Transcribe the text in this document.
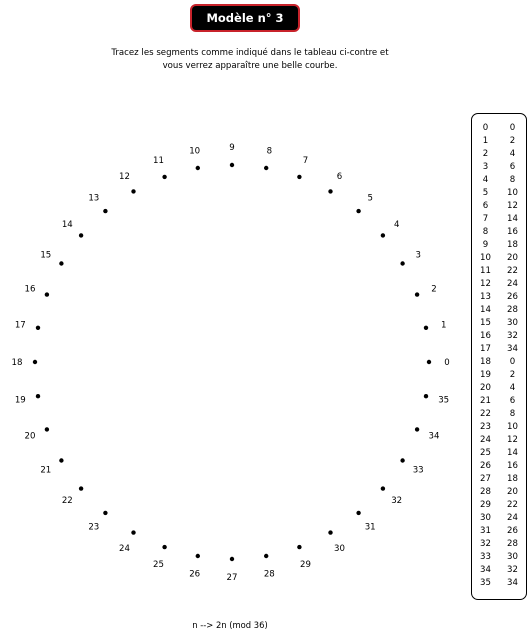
Modèle n° 3
Tracez les segments comme indiqué dans le tableau ci-contre et
vous verrez apparaître une belle courbe.
0
1
2
3
4
5
6
7
8
9
10
11
12
13
14
15
16
17
18
19
20
21
22
23
24
25
26	27	28
29
30
31
32
33
34
35
0	0
1	2
2	4
3	6
4	8
5	10
6	12
7	14
8	16
9	18
10	20
11	22
12	24
13	26
14	28
15	30
16	32
17	34
18	0
19	2
20	4
21	6
22	8
23	10
24	12
25	14
26	16
27	18
28	20
29	22
30	24
31	26
32	28
33	30
34	32
35	34
n --> 2n (mod 36)
